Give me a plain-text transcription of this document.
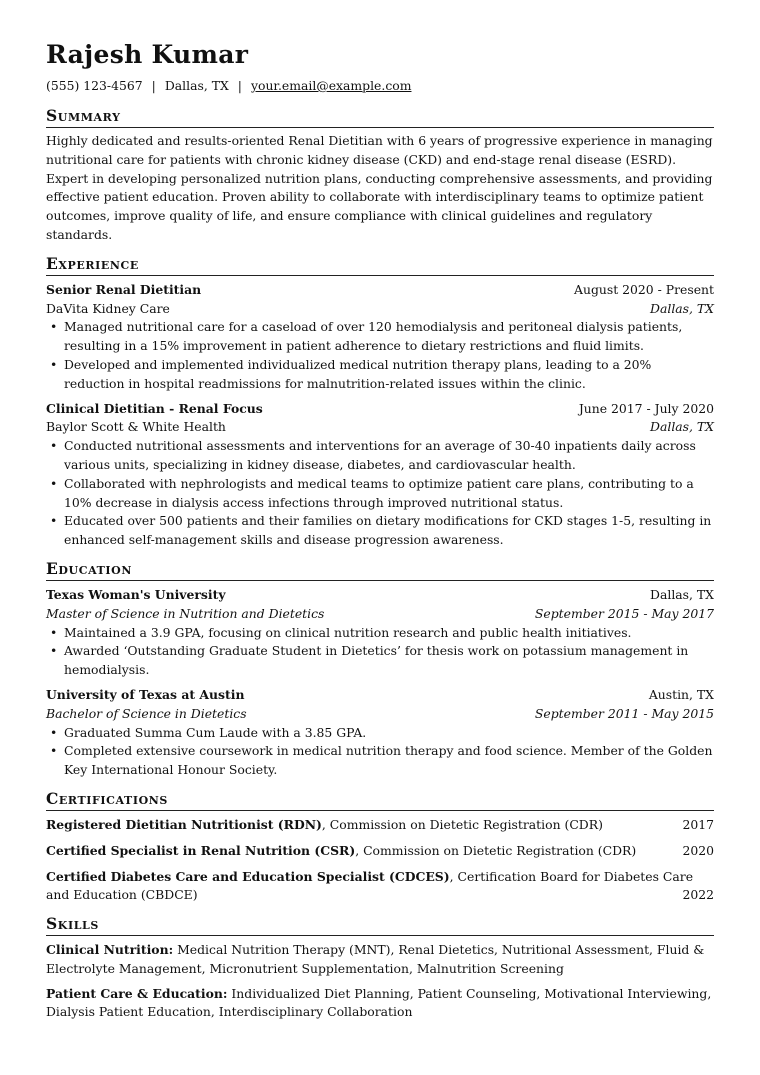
Rajesh Kumar
(555) 123-4567 | Dallas, TX | your.email@example.com
Summary
Highly dedicated and results-oriented Renal Dietitian with 6 years of progressive experience in managing nutritional care for patients with chronic kidney disease (CKD) and end-stage renal disease (ESRD). Expert in developing personalized nutrition plans, conducting comprehensive assessments, and providing effective patient education. Proven ability to collaborate with interdisciplinary teams to optimize patient outcomes, improve quality of life, and ensure compliance with clinical guidelines and regulatory standards.
Experience
Senior Renal Dietitian	August 2020 - Present
DaVita Kidney Care	Dallas, TX
• Managed nutritional care for a caseload of over 120 hemodialysis and peritoneal dialysis patients, resulting in a 15% improvement in patient adherence to dietary restrictions and fluid limits.
• Developed and implemented individualized medical nutrition therapy plans, leading to a 20% reduction in hospital readmissions for malnutrition-related issues within the clinic.
Clinical Dietitian - Renal Focus	June 2017 - July 2020
Baylor Scott & White Health	Dallas, TX
• Conducted nutritional assessments and interventions for an average of 30-40 inpatients daily across various units, specializing in kidney disease, diabetes, and cardiovascular health.
• Collaborated with nephrologists and medical teams to optimize patient care plans, contributing to a 10% decrease in dialysis access infections through improved nutritional status.
• Educated over 500 patients and their families on dietary modifications for CKD stages 1-5, resulting in enhanced self-management skills and disease progression awareness.
Education
Texas Woman's University	Dallas, TX
Master of Science in Nutrition and Dietetics	September 2015 - May 2017
• Maintained a 3.9 GPA, focusing on clinical nutrition research and public health initiatives.
• Awarded ‘Outstanding Graduate Student in Dietetics’ for thesis work on potassium management in hemodialysis.
University of Texas at Austin	Austin, TX
Bachelor of Science in Dietetics	September 2011 - May 2015
• Graduated Summa Cum Laude with a 3.85 GPA.
• Completed extensive coursework in medical nutrition therapy and food science. Member of the Golden Key International Honour Society.
Certifications
Registered Dietitian Nutritionist (RDN), Commission on Dietetic Registration (CDR)	2017
Certified Specialist in Renal Nutrition (CSR), Commission on Dietetic Registration (CDR)	2020
Certified Diabetes Care and Education Specialist (CDCES), Certification Board for Diabetes Care and Education (CBDCE)	2022
Skills
Clinical Nutrition: Medical Nutrition Therapy (MNT), Renal Dietetics, Nutritional Assessment, Fluid & Electrolyte Management, Micronutrient Supplementation, Malnutrition Screening
Patient Care & Education: Individualized Diet Planning, Patient Counseling, Motivational Interviewing, Dialysis Patient Education, Interdisciplinary Collaboration
